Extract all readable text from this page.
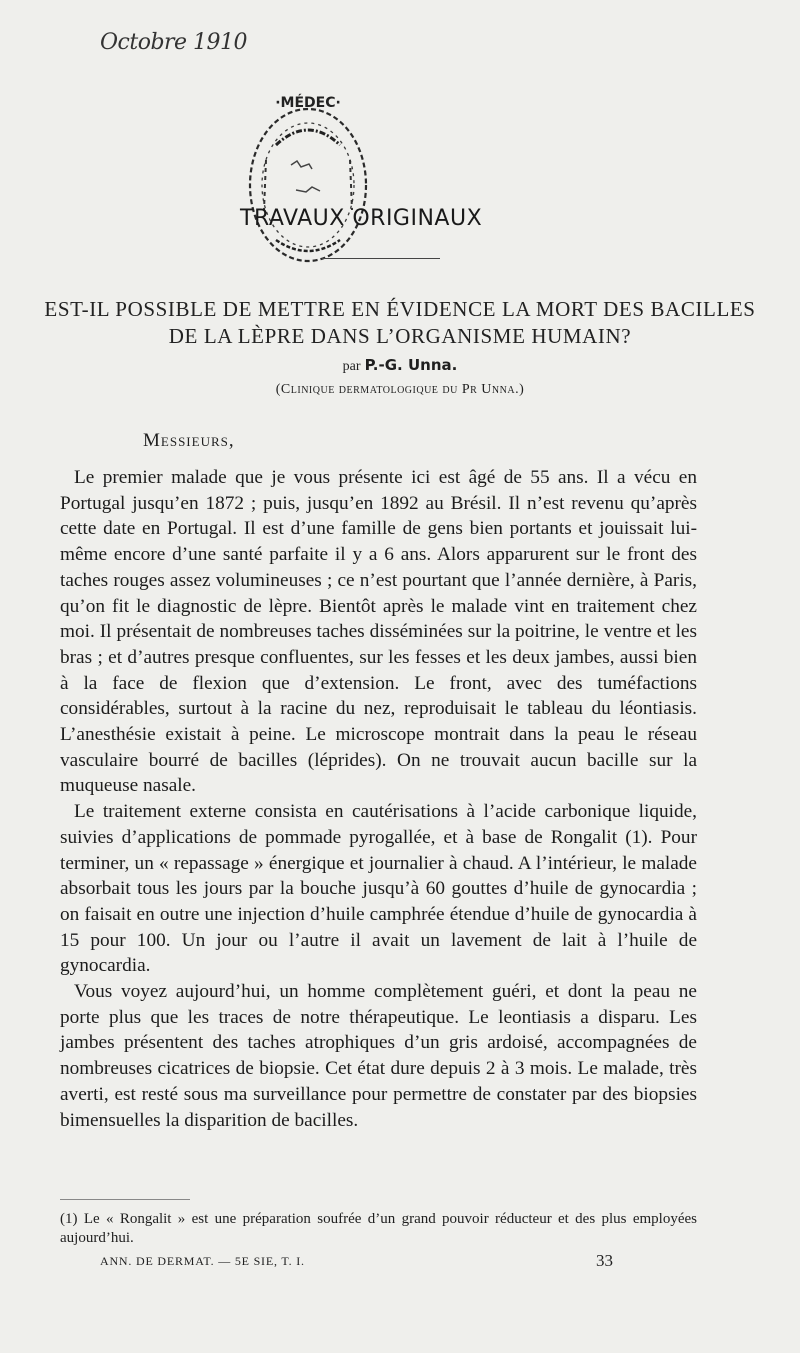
Octobre 1910
·MÉDEC·
TRAVAUX ORIGINAUX
EST-IL POSSIBLE DE METTRE EN ÉVIDENCE LA MORT DES BACILLES DE LA LÈPRE DANS L’ORGANISME HUMAIN?
par P.-G. Unna.
(Clinique dermatologique du Pr Unna.)
Messieurs,

Le premier malade que je vous présente ici est âgé de 55 ans. Il a vécu en Portugal jusqu’en 1872 ; puis, jusqu’en 1892 au Brésil. Il n’est revenu qu’après cette date en Portugal. Il est d’une famille de gens bien portants et jouissait lui-même encore d’une santé parfaite il y a 6 ans. Alors apparurent sur le front des taches rouges assez volumineuses ; ce n’est pourtant que l’année dernière, à Paris, qu’on fit le diagnostic de lèpre. Bientôt après le malade vint en traitement chez moi. Il présentait de nombreuses taches disséminées sur la poitrine, le ventre et les bras ; et d’autres presque confluentes, sur les fesses et les deux jambes, aussi bien à la face de flexion que d’extension. Le front, avec des tuméfactions considérables, surtout à la racine du nez, reproduisait le tableau du léontiasis. L’anesthésie existait à peine. Le microscope montrait dans la peau le réseau vasculaire bourré de bacilles (léprides). On ne trouvait aucun bacille sur la muqueuse nasale.

Le traitement externe consista en cautérisations à l’acide carbonique liquide, suivies d’applications de pommade pyrogallée, et à base de Rongalit (1). Pour terminer, un « repassage » énergique et journalier à chaud. A l’intérieur, le malade absorbait tous les jours par la bouche jusqu’à 60 gouttes d’huile de gynocardia ; on faisait en outre une injection d’huile camphrée étendue d’huile de gynocardia à 15 pour 100. Un jour ou l’autre il avait un lavement de lait à l’huile de gynocardia.

Vous voyez aujourd’hui, un homme complètement guéri, et dont la peau ne porte plus que les traces de notre thérapeutique. Le leontiasis a disparu. Les jambes présentent des taches atrophiques d’un gris ardoisé, accompagnées de nombreuses cicatrices de biopsie. Cet état dure depuis 2 à 3 mois. Le malade, très averti, est resté sous ma surveillance pour permettre de constater par des biopsies bimensuelles la disparition de bacilles.

(1) Le « Rongalit » est une préparation soufrée d’un grand pouvoir réducteur et des plus employées aujourd’hui.
ANN. DE DERMAT. — 5E SIE, T. I.	33
